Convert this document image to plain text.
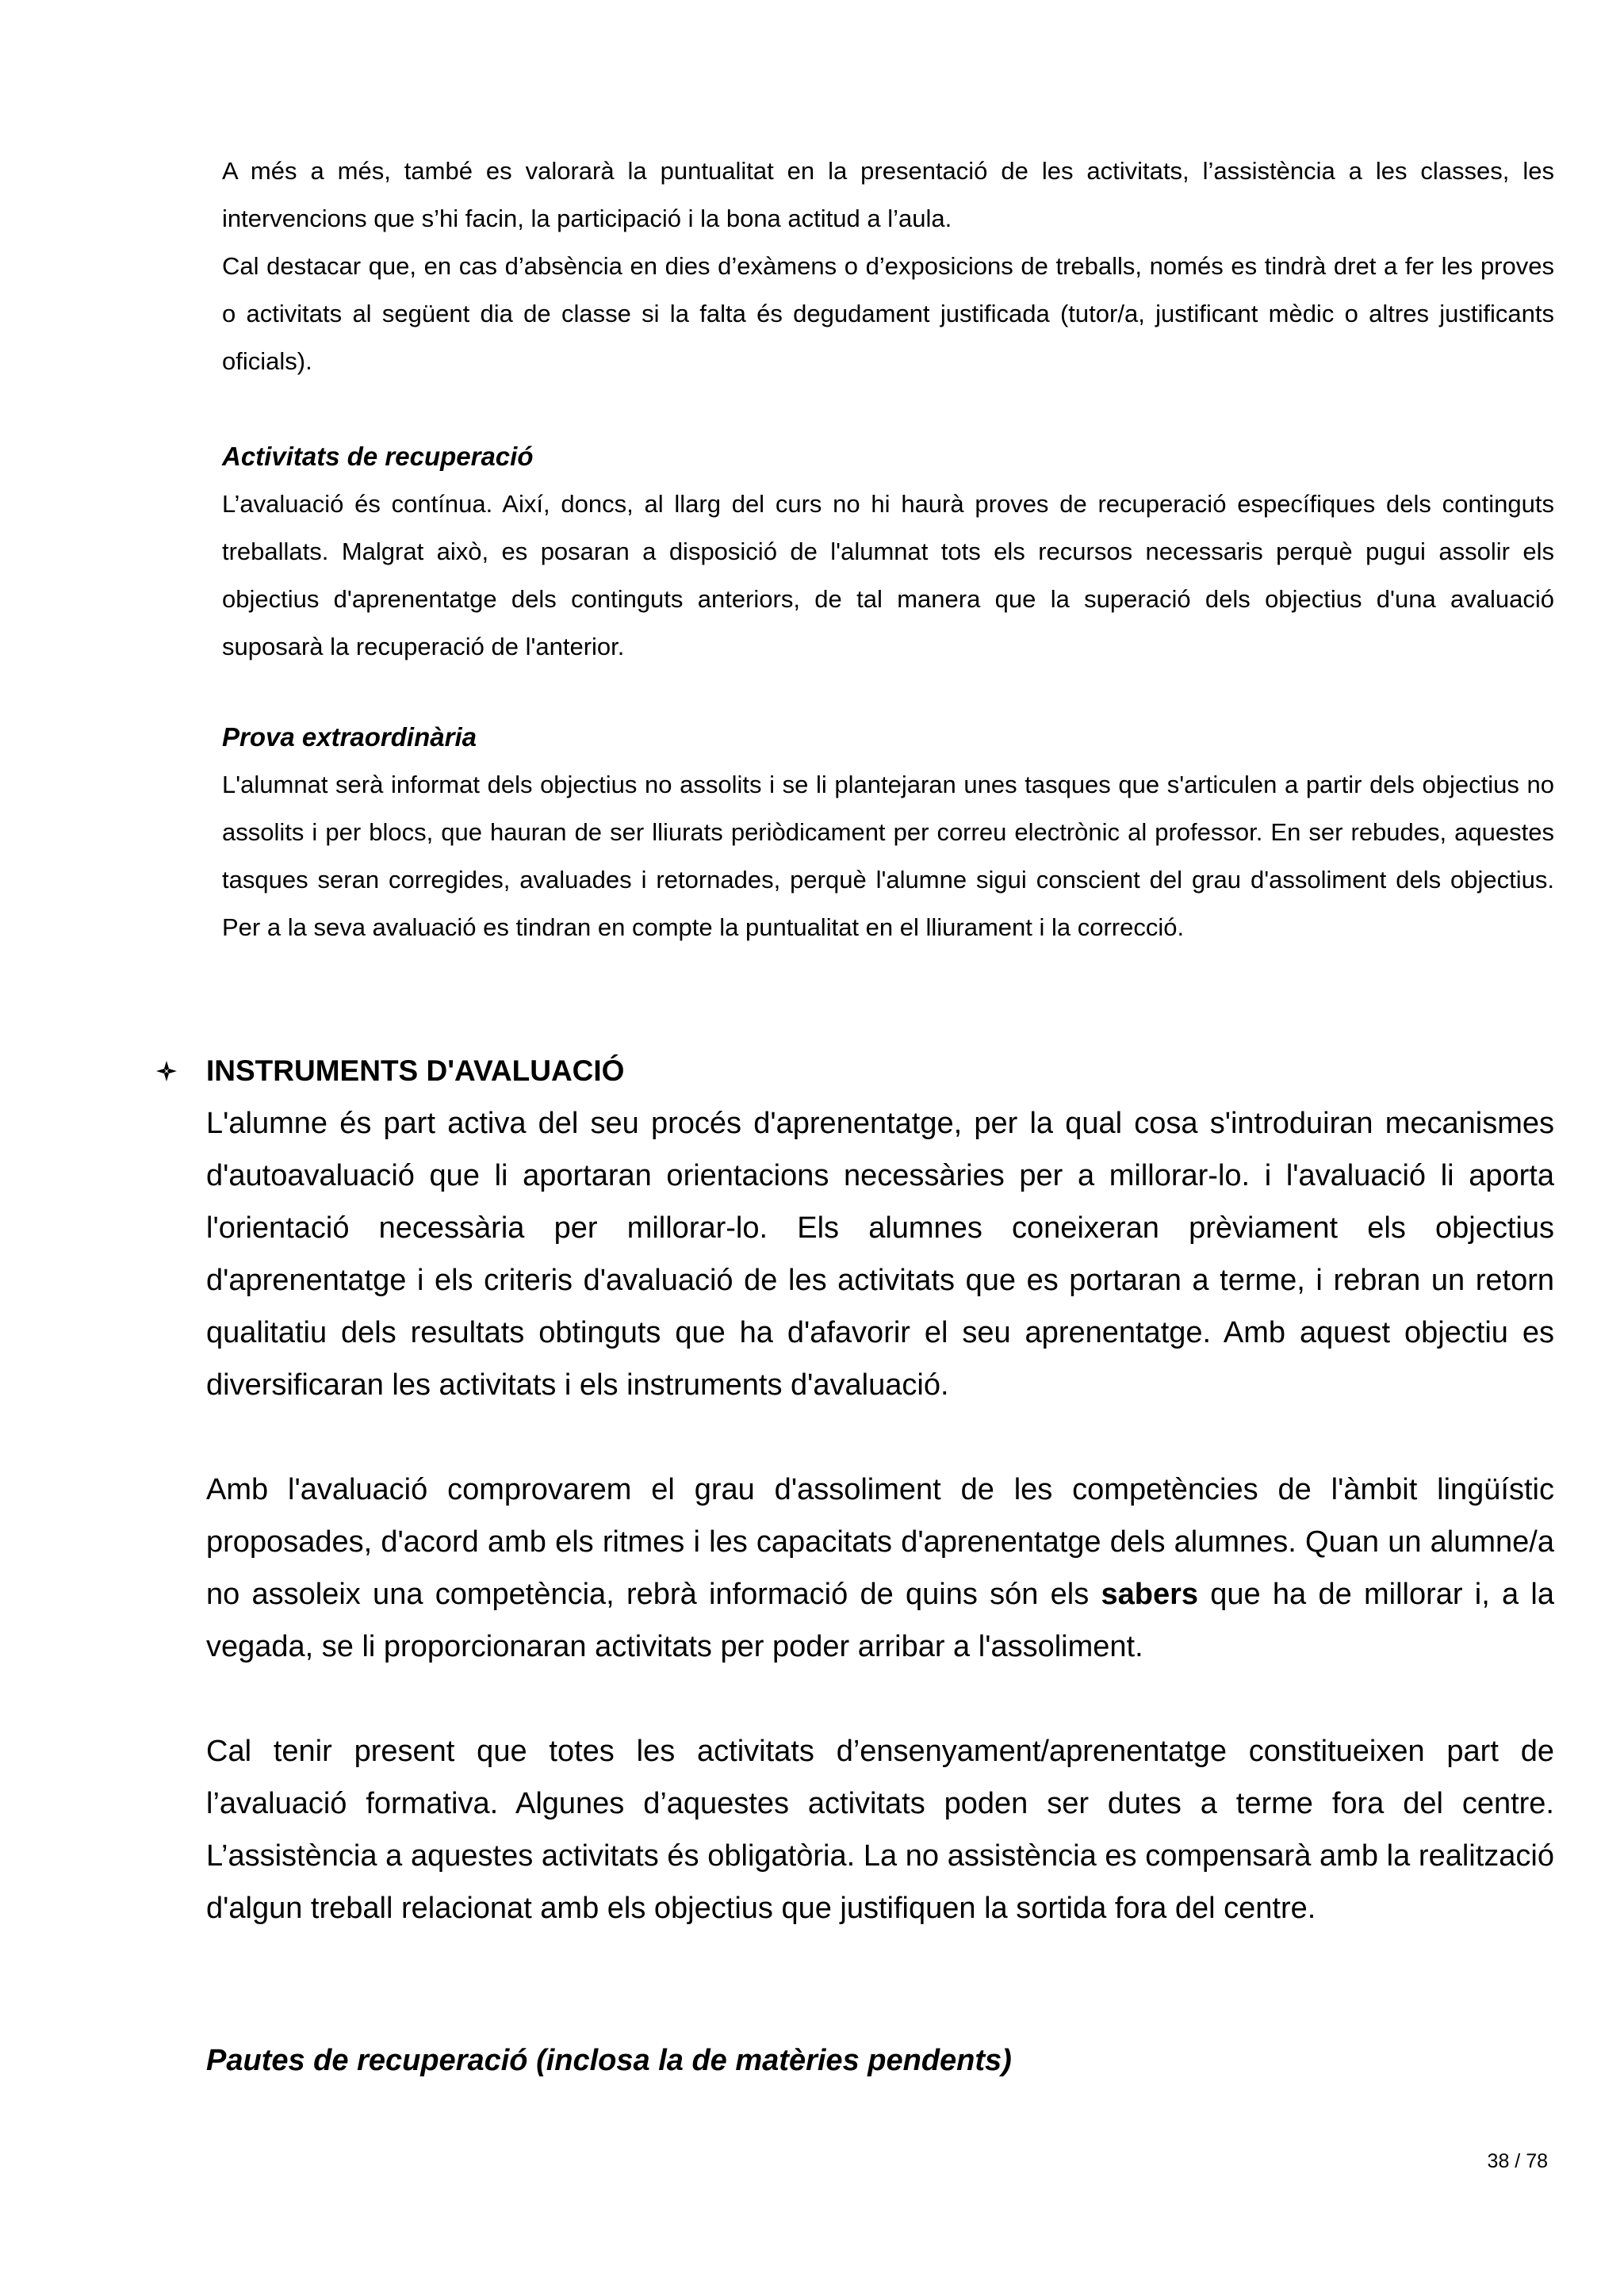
A més a més, també es valorarà la puntualitat en la presentació de les activitats, l’assistència a les classes, les intervencions que s’hi facin, la participació i la bona actitud a l’aula.

Cal destacar que, en cas d’absència en dies d’exàmens o d’exposicions de treballs, només es tindrà dret a fer les proves o activitats al següent dia de classe si la falta és degudament justificada (tutor/a, justificant mèdic o altres justificants oficials).

Activitats de recuperació

L’avaluació és contínua. Així, doncs, al llarg del curs no hi haurà proves de recuperació específiques dels continguts treballats. Malgrat això, es posaran a disposició de l'alumnat tots els recursos necessaris perquè pugui assolir els objectius d'aprenentatge dels continguts anteriors, de tal manera que la superació dels objectius d'una avaluació suposarà la recuperació de l'anterior.

Prova extraordinària

L'alumnat serà informat dels objectius no assolits i se li plantejaran unes tasques que s'articulen a partir dels objectius no assolits i per blocs, que hauran de ser lliurats periòdicament per correu electrònic al professor. En ser rebudes, aquestes tasques seran corregides, avaluades i retornades, perquè l'alumne sigui conscient del grau d'assoliment dels objectius. Per a la seva avaluació es tindran en compte la puntualitat en el lliurament i la correcció.

INSTRUMENTS D'AVALUACIÓ

L'alumne és part activa del seu procés d'aprenentatge, per la qual cosa s'introduiran mecanismes d'autoavaluació que li aportaran orientacions necessàries per a millorar-lo. i l'avaluació li aporta l'orientació necessària per millorar-lo. Els alumnes coneixeran prèviament els objectius d'aprenentatge i els criteris d'avaluació de les activitats que es portaran a terme, i rebran un retorn qualitatiu dels resultats obtinguts que ha d'afavorir el seu aprenentatge. Amb aquest objectiu es diversificaran les activitats i els instruments d'avaluació.

Amb l'avaluació comprovarem el grau d'assoliment de les competències de l'àmbit lingüístic proposades, d'acord amb els ritmes i les capacitats d'aprenentatge dels alumnes. Quan un alumne/a no assoleix una competència, rebrà informació de quins són els sabers que ha de millorar i, a la vegada, se li proporcionaran activitats per poder arribar a l'assoliment.

Cal tenir present que totes les activitats d’ensenyament/aprenentatge constitueixen part de l’avaluació formativa. Algunes d’aquestes activitats poden ser dutes a terme fora del centre. L’assistència a aquestes activitats és obligatòria. La no assistència es compensarà amb la realització d'algun treball relacionat amb els objectius que justifiquen la sortida fora del centre.

Pautes de recuperació (inclosa la de matèries pendents)

38 / 78
